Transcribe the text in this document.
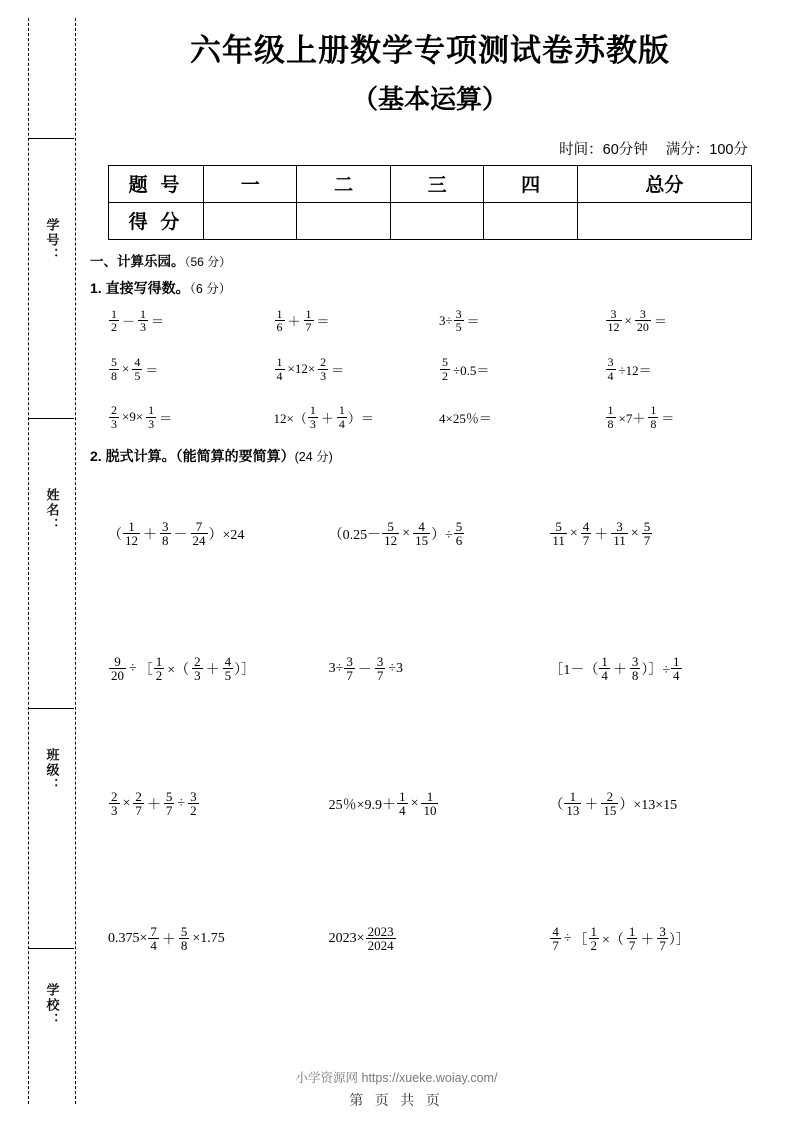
学号：
姓名：
班级：
学校：
六年级上册数学专项测试卷苏教版
（基本运算）
时间：60分钟 满分：100分
题 号	一	二	三	四	总分
得 分					
一、计算乐园。（56 分）
1. 直接写得数。（6 分）
$\frac{1}{2} - \frac{1}{3}$ ＝	$\frac{1}{6} + \frac{1}{7}$ ＝	$3\div \frac{3}{5}$ ＝	$\frac{3}{12} \times \frac{3}{20}$ ＝
$\frac{5}{8} \times \frac{4}{5}$ ＝	$\frac{1}{4} \times 12\times \frac{2}{3}$ ＝	$\frac{5}{2} \div 0.5=$	$\frac{3}{4} \div 12=$
$\frac{2}{3} \times 9\times \frac{1}{3}$ ＝	$12\times( \frac{1}{3} + \frac{1}{4}$ ）＝	4×25％＝	$\frac{1}{8} \times 7+ \frac{1}{8}$ ＝
2. 脱式计算。（能简算的要简算）(24 分)
（ $\frac{1}{12} + \frac{3}{8} - \frac{7}{24} )\times 24$	（$0.25- \frac{5}{12} \times \frac{4}{15}$ ）÷ $\frac{5}{6}$	$\frac{5}{11} \times \frac{4}{7} + \frac{3}{11} \times \frac{5}{7}$
$\frac{9}{20}$ ÷ ［ $\frac{1}{2}$ ×（ $\frac{2}{3} + \frac{4}{5}$ ）］	$3\div \frac{3}{7} - \frac{3}{7} \div 3$	［1－（ $\frac{1}{4} + \frac{3}{8}$ ）］÷ $\frac{1}{4}$
$\frac{2}{3} \times \frac{2}{7} + \frac{5}{7} \div \frac{3}{2}$	25％$\times 9.9+ \frac{1}{4} \times \frac{1}{10}$	（ $\frac{1}{13} + \frac{2}{15} )\times 13\times 15$
$0.375\times \frac{7}{4} + \frac{5}{8} \times 1.75$	$2023\times \frac{2023}{2024}$	$\frac{4}{7}$ ÷ ［ $\frac{1}{2}$ ×（ $\frac{1}{7} + \frac{3}{7}$ ）］
小学资源网 https://xueke.woiay.com/
第 页 共 页
